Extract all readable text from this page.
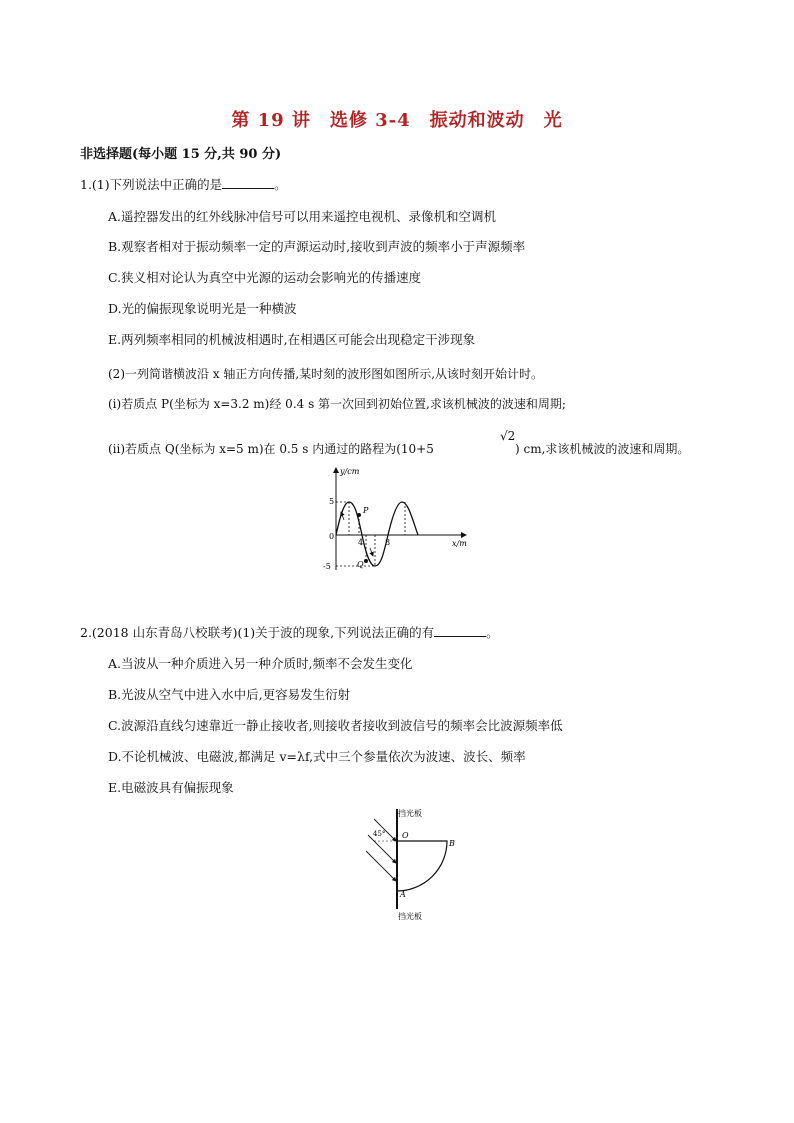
第 19 讲　选修 3-4　振动和波动　光
非选择题(每小题 15 分,共 90 分)
1.(1)下列说法中正确的是	。
A.遥控器发出的红外线脉冲信号可以用来遥控电视机、录像机和空调机
B.观察者相对于振动频率一定的声源运动时,接收到声波的频率小于声源频率
C.狭义相对论认为真空中光源的运动会影响光的传播速度
D.光的偏振现象说明光是一种横波
E.两列频率相同的机械波相遇时,在相遇区可能会出现稳定干涉现象
(2)一列简谐横波沿 x 轴正方向传播,某时刻的波形图如图所示,从该时刻开始计时。
(ⅰ)若质点 P(坐标为 x=3.2 m)经 0.4 s 第一次回到初始位置,求该机械波的波速和周期;
(ⅱ)若质点 Q(坐标为 x=5 m)在 0.5 s 内通过的路程为(10+5
√2
) cm,求该机械波的波速和周期。
y/cm
x/m
0
5
-5
4	8
P
Q
2.(2018 山东青岛八校联考)(1)关于波的现象,下列说法正确的有	。
A.当波从一种介质进入另一种介质时,频率不会发生变化
B.光波从空气中进入水中后,更容易发生衍射
C.波源沿直线匀速靠近一静止接收者,则接收者接收到波信号的频率会比波源频率低
D.不论机械波、电磁波,都满足 v=λf,式中三个参量依次为波速、波长、频率
E.电磁波具有偏振现象
挡光板
挡光板
45° O
B
A
